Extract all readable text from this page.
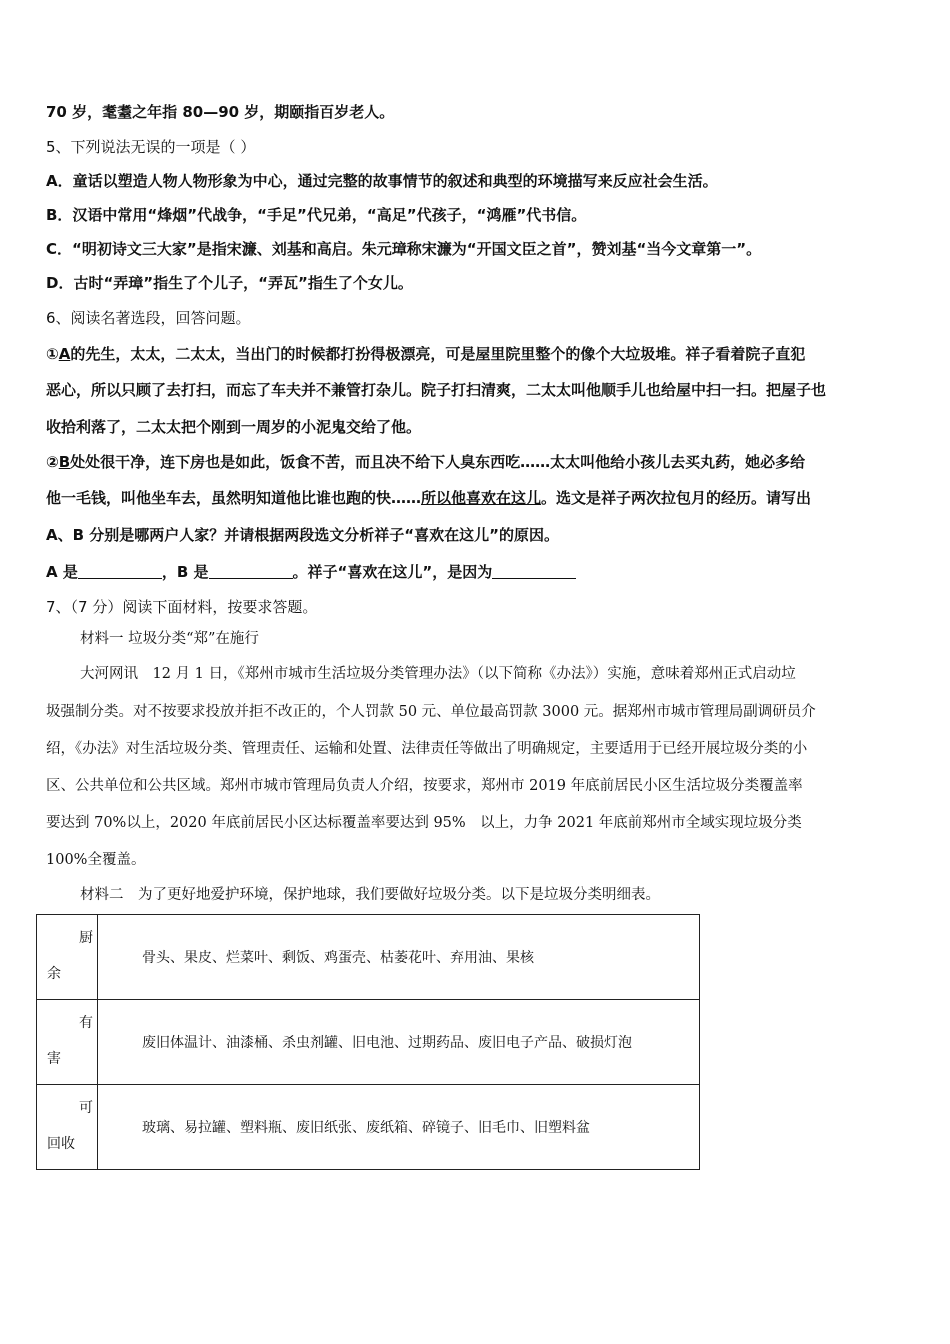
70 岁，耄耋之年指 80—90 岁，期颐指百岁老人。
5、下列说法无误的一项是（ ）
A．童话以塑造人物人物形象为中心，通过完整的故事情节的叙述和典型的环境描写来反应社会生活。
B．汉语中常用“烽烟”代战争，“手足”代兄弟，“高足”代孩子，“鸿雁”代书信。
C．“明初诗文三大家”是指宋濂、刘基和高启。朱元璋称宋濂为“开国文臣之首”，赞刘基“当今文章第一”。
D．古时“弄璋”指生了个儿子，“弄瓦”指生了个女儿。
6、阅读名著选段，回答问题。
①A的先生，太太，二太太，当出门的时候都打扮得极漂亮，可是屋里院里整个的像个大垃圾堆。祥子看着院子直犯
恶心，所以只顾了去打扫，而忘了车夫并不兼管打杂儿。院子打扫清爽，二太太叫他顺手儿也给屋中扫一扫。把屋子也
收拾利落了，二太太把个刚到一周岁的小泥鬼交给了他。
②B处处很干净，连下房也是如此，饭食不苦，而且决不给下人臭东西吃……太太叫他给小孩儿去买丸药，她必多给
他一毛钱，叫他坐车去，虽然明知道他比谁也跑的快……所以他喜欢在这儿。选文是祥子两次拉包月的经历。请写出
A、B 分别是哪两户人家？并请根据两段选文分析祥子“喜欢在这儿”的原因。
A 是	，B 是	。祥子“喜欢在这儿”，是因为
7、（7 分）阅读下面材料，按要求答题。
材料一 垃圾分类“郑”在施行
大河网讯　12 月 1 日，《郑州市城市生活垃圾分类管理办法》（以下简称《办法》）实施，意味着郑州正式启动垃
圾强制分类。对不按要求投放并拒不改正的，个人罚款 50 元、单位最高罚款 3000 元。据郑州市城市管理局副调研员介
绍，《办法》对生活垃圾分类、管理责任、运输和处置、法律责任等做出了明确规定，主要适用于已经开展垃圾分类的小
区、公共单位和公共区域。郑州市城市管理局负责人介绍，按要求，郑州市 2019 年底前居民小区生活垃圾分类覆盖率
要达到 70%以上，2020 年底前居民小区达标覆盖率要达到 95%　以上，力争 2021 年底前郑州市全域实现垃圾分类
100%全覆盖。
材料二　为了更好地爱护环境，保护地球，我们要做好垃圾分类。以下是垃圾分类明细表。
厨
余	骨头、果皮、烂菜叶、剩饭、鸡蛋壳、枯萎花叶、弃用油、果核

有
害	废旧体温计、油漆桶、杀虫剂罐、旧电池、过期药品、废旧电子产品、破损灯泡

可
回收	玻璃、易拉罐、塑料瓶、废旧纸张、废纸箱、碎镜子、旧毛巾、旧塑料盆
